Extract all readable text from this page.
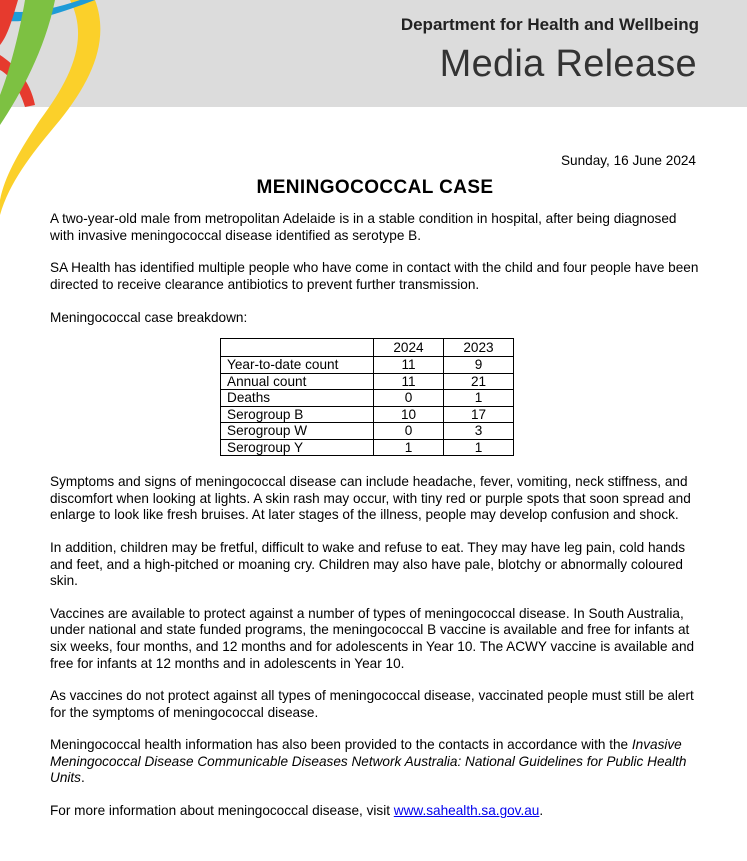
Department for Health and Wellbeing
Media Release
Sunday, 16 June 2024
MENINGOCOCCAL CASE

A two-year-old male from metropolitan Adelaide is in a stable condition in hospital, after being diagnosed with invasive meningococcal disease identified as serotype B.

SA Health has identified multiple people who have come in contact with the child and four people have been directed to receive clearance antibiotics to prevent further transmission.

Meningococcal case breakdown:

	2024	2023
Year-to-date count	11	9
Annual count	11	21
Deaths	0	1
Serogroup B	10	17
Serogroup W	0	3
Serogroup Y	1	1

Symptoms and signs of meningococcal disease can include headache, fever, vomiting, neck stiffness, and discomfort when looking at lights. A skin rash may occur, with tiny red or purple spots that soon spread and enlarge to look like fresh bruises. At later stages of the illness, people may develop confusion and shock.

In addition, children may be fretful, difficult to wake and refuse to eat. They may have leg pain, cold hands and feet, and a high-pitched or moaning cry. Children may also have pale, blotchy or abnormally coloured skin.

Vaccines are available to protect against a number of types of meningococcal disease. In South Australia, under national and state funded programs, the meningococcal B vaccine is available and free for infants at six weeks, four months, and 12 months and for adolescents in Year 10. The ACWY vaccine is available and free for infants at 12 months and in adolescents in Year 10.

As vaccines do not protect against all types of meningococcal disease, vaccinated people must still be alert for the symptoms of meningococcal disease.

Meningococcal health information has also been provided to the contacts in accordance with the Invasive Meningococcal Disease Communicable Diseases Network Australia: National Guidelines for Public Health Units.

For more information about meningococcal disease, visit www.sahealth.sa.gov.au.
